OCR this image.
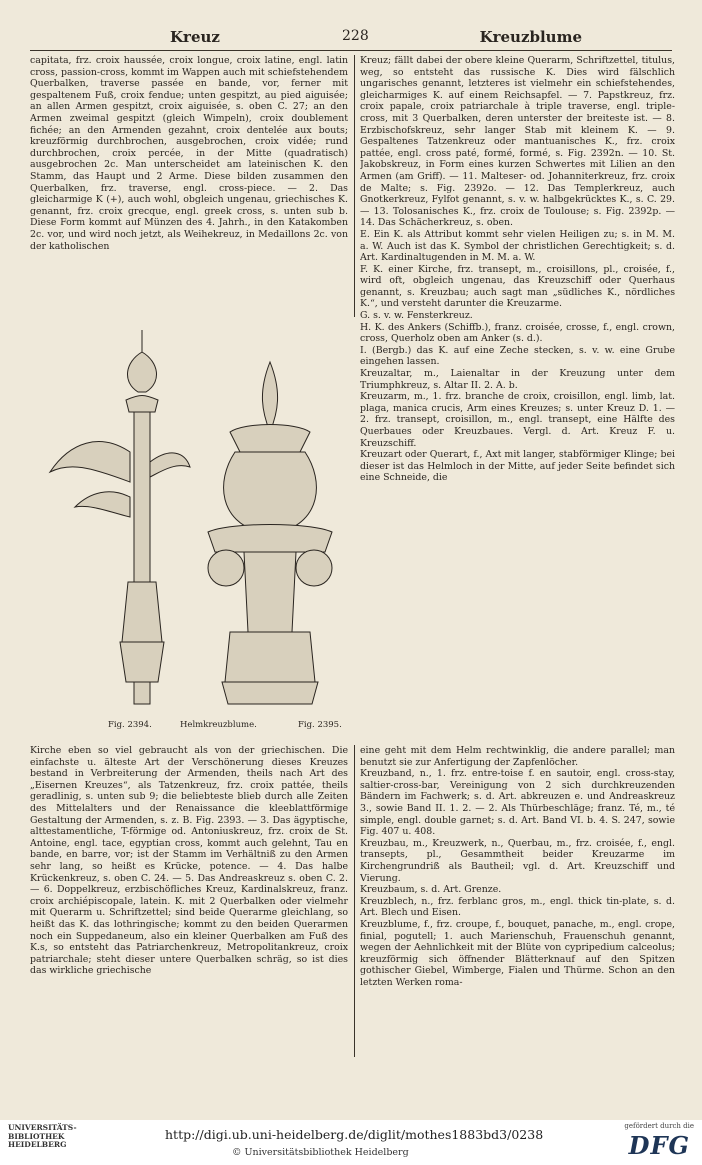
Kreuz	228	Kreuzblume

capitata, frz. croix haussée, croix longue, croix latine, engl. latin cross, passion-cross, kommt im Wappen auch mit schiefstehendem Querbalken, traverse passée en bande, vor, ferner mit gespaltenem Fuß, croix fendue; unten gespitzt, au pied aiguisée; an allen Armen gespitzt, croix aiguisée, s. oben C. 27; an den Armen zweimal gespitzt (gleich Wimpeln), croix doublement fichée; an den Armenden gezahnt, croix dentelée aux bouts; kreuzförmig durchbrochen, ausgebrochen, croix vidée; rund durchbrochen, croix percée, in der Mitte (quadratisch) ausgebrochen 2c. Man unterscheidet am lateinischen K. den Stamm, das Haupt und 2 Arme. Diese bilden zusammen den Querbalken, frz. traverse, engl. cross-piece. — 2. Das gleicharmige K (+), auch wohl, obgleich ungenau, griechisches K. genannt, frz. croix grecque, engl. greek cross, s. unten sub b. Diese Form kommt auf Münzen des 4. Jahrh., in den Katakomben 2c. vor, und wird noch jetzt, als Weihekreuz, in Medaillons 2c. von der katholischen

Kreuz; fällt dabei der obere kleine Querarm, Schriftzettel, titulus, weg, so entsteht das russische K. Dies wird fälschlich ungarisches genannt, letzteres ist vielmehr ein schiefstehendes, gleicharmiges K. auf einem Reichsapfel. — 7. Papstkreuz, frz. croix papale, croix patriarchale à triple traverse, engl. triple-cross, mit 3 Querbalken, deren unterster der breiteste ist. — 8. Erzbischofskreuz, sehr langer Stab mit kleinem K. — 9. Gespaltenes Tatzenkreuz oder mantuanisches K., frz. croix pattée, engl. cross paté, formé, formé, s. Fig. 2392n. — 10. St. Jakobskreuz, in Form eines kurzen Schwertes mit Lilien an den Armen (am Griff). — 11. Malteser- od. Johanniterkreuz, frz. croix de Malte; s. Fig. 2392o. — 12. Das Templerkreuz, auch Gnotkerkreuz, Fylfot genannt, s. v. w. halbgekrücktes K., s. C. 29. — 13. Tolosanisches K., frz. croix de Toulouse; s. Fig. 2392p. — 14. Das Schächerkreuz, s. oben.

E. Ein K. als Attribut kommt sehr vielen Heiligen zu; s. in M. M. a. W. Auch ist das K. Symbol der christlichen Gerechtigkeit; s. d. Art. Kardinaltugenden in M. M. a. W.

F. K. einer Kirche, frz. transept, m., croisillons, pl., croisée, f., wird oft, obgleich ungenau, das Kreuzschiff oder Querhaus genannt, s. Kreuzbau; auch sagt man „südliches K., nördliches K.“, und versteht darunter die Kreuzarme.

G. s. v. w. Fensterkreuz.

H. K. des Ankers (Schiffb.), franz. croisée, crosse, f., engl. crown, cross, Querholz oben am Anker (s. d.).

I. (Bergb.) das K. auf eine Zeche stecken, s. v. w. eine Grube eingehen lassen.

Kreuzaltar, m., Laienaltar in der Kreuzung unter dem Triumphkreuz, s. Altar II. 2. A. b.

Kreuzarm, m., 1. frz. branche de croix, croisillon, engl. limb, lat. plaga, manica crucis, Arm eines Kreuzes; s. unter Kreuz D. 1. — 2. frz. transept, croisillon, m., engl. transept, eine Hälfte des Querbaues oder Kreuzbaues. Vergl. d. Art. Kreuz F. u. Kreuzschiff.

Kreuzart oder Querart, f., Axt mit langer, stabförmiger Klinge; bei dieser ist das Helmloch in der Mitte, auf jeder Seite befindet sich eine Schneide, die

Fig. 2394.	Helmkreuzblume.	Fig. 2395.

Kirche eben so viel gebraucht als von der griechischen. Die einfachste u. älteste Art der Verschönerung dieses Kreuzes bestand in Verbreiterung der Armenden, theils nach Art des „Eisernen Kreuzes“, als Tatzenkreuz, frz. croix pattée, theils geradlinig, s. unten sub 9; die beliebteste blieb durch alle Zeiten des Mittelalters und der Renaissance die kleeblattförmige Gestaltung der Armenden, s. z. B. Fig. 2393. — 3. Das ägyptische, alttestamentliche, T-förmige od. Antoniuskreuz, frz. croix de St. Antoine, engl. tace, egyptian cross, kommt auch gelehnt, Tau en bande, en barre, vor; ist der Stamm im Verhältniß zu den Armen sehr lang, so heißt es Krücke, potence. — 4. Das halbe Krückenkreuz, s. oben C. 24. — 5. Das Andreaskreuz s. oben C. 2. — 6. Doppelkreuz, erzbischöfliches Kreuz, Kardinalskreuz, franz. croix archiépiscopale, latein. K. mit 2 Querbalken oder vielmehr mit Querarm u. Schriftzettel; sind beide Querarme gleichlang, so heißt das K. das lothringische; kommt zu den beiden Querarmen noch ein Suppedaneum, also ein kleiner Querbalken am Fuß des K.s, so entsteht das Patriarchenkreuz, Metropolitankreuz, croix patriarchale; steht dieser untere Querbalken schräg, so ist dies das wirkliche griechische

eine geht mit dem Helm rechtwinklig, die andere parallel; man benutzt sie zur Anfertigung der Zapfenlöcher.

Kreuzband, n., 1. frz. entre-toise f. en sautoir, engl. cross-stay, saltier-cross-bar, Vereinigung von 2 sich durchkreuzenden Bändern im Fachwerk; s. d. Art. abkreuzen e. und Andreaskreuz 3., sowie Band II. 1. 2. — 2. Als Thürbeschläge; franz. Té, m., té simple, engl. double garnet; s. d. Art. Band VI. b. 4. S. 247, sowie Fig. 407 u. 408.

Kreuzbau, m., Kreuzwerk, n., Querbau, m., frz. croisée, f., engl. transepts, pl., Gesammtheit beider Kreuzarme im Kirchengrundriß als Bautheil; vgl. d. Art. Kreuzschiff und Vierung.

Kreuzbaum, s. d. Art. Grenze.

Kreuzblech, n., frz. ferblanc gros, m., engl. thick tin-plate, s. d. Art. Blech und Eisen.

Kreuzblume, f., frz. croupe, f., bouquet, panache, m., engl. crope, finial, pogutell; 1. auch Marienschuh, Frauenschuh genannt, wegen der Aehnlichkeit mit der Blüte von cypripedium calceolus; kreuzförmig sich öffnender Blätterknauf auf den Spitzen gothischer Giebel, Wimberge, Fialen und Thürme. Schon an den letzten Werken roma-

UNIVERSITÄTS-
BIBLIOTHEK
HEIDELBERG
http://digi.ub.uni-heidelberg.de/diglit/mothes1883bd3/0238
© Universitätsbibliothek Heidelberg
gefördert durch die
DFG
